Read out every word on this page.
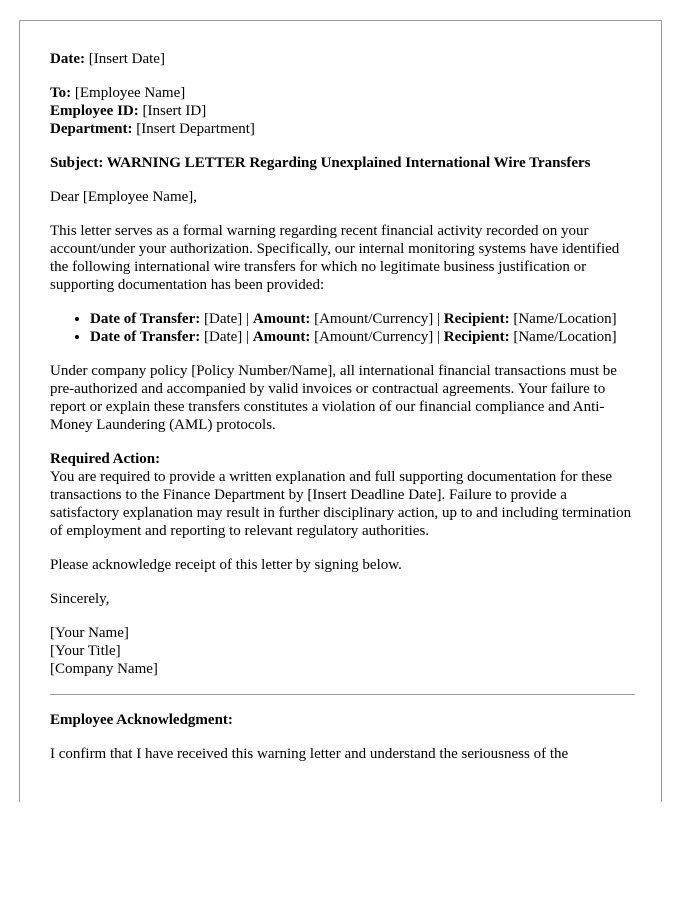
Date: [Insert Date]

To: [Employee Name]
Employee ID: [Insert ID]
Department: [Insert Department]

Subject: WARNING LETTER Regarding Unexplained International Wire Transfers

Dear [Employee Name],

This letter serves as a formal warning regarding recent financial activity recorded on your account/under your authorization. Specifically, our internal monitoring systems have identified the following international wire transfers for which no legitimate business justification or supporting documentation has been provided:

• Date of Transfer: [Date] | Amount: [Amount/Currency] | Recipient: [Name/Location]
• Date of Transfer: [Date] | Amount: [Amount/Currency] | Recipient: [Name/Location]

Under company policy [Policy Number/Name], all international financial transactions must be pre-authorized and accompanied by valid invoices or contractual agreements. Your failure to report or explain these transfers constitutes a violation of our financial compliance and Anti-Money Laundering (AML) protocols.

Required Action:
You are required to provide a written explanation and full supporting documentation for these transactions to the Finance Department by [Insert Deadline Date]. Failure to provide a satisfactory explanation may result in further disciplinary action, up to and including termination of employment and reporting to relevant regulatory authorities.

Please acknowledge receipt of this letter by signing below.

Sincerely,

[Your Name]
[Your Title]
[Company Name]

Employee Acknowledgment:

I confirm that I have received this warning letter and understand the seriousness of the
